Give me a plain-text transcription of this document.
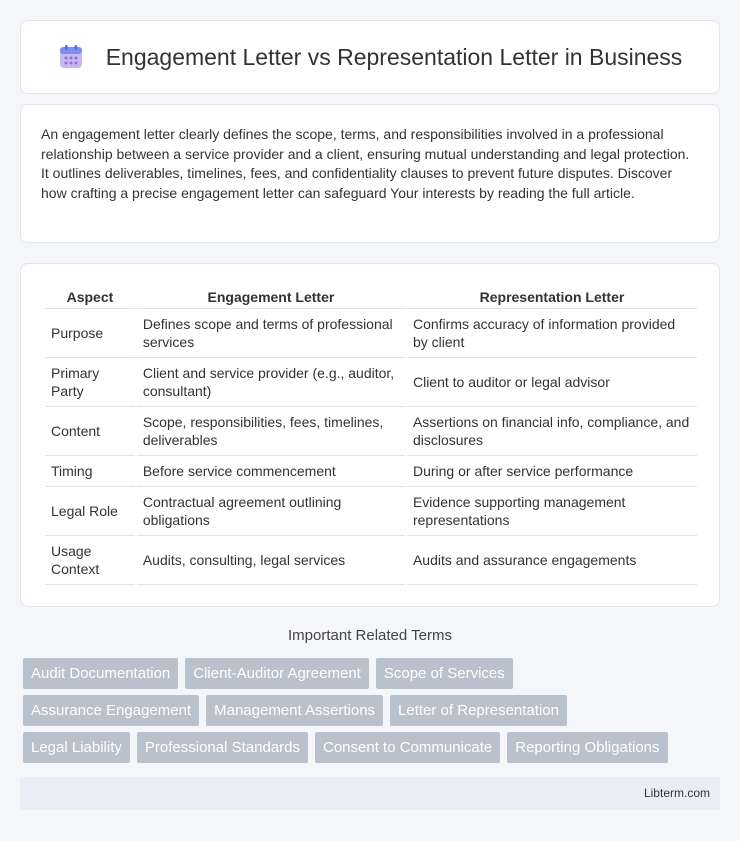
Engagement Letter vs Representation Letter in Business

An engagement letter clearly defines the scope, terms, and responsibilities involved in a professional relationship between a service provider and a client, ensuring mutual understanding and legal protection. It outlines deliverables, timelines, fees, and confidentiality clauses to prevent future disputes. Discover how crafting a precise engagement letter can safeguard Your interests by reading the full article.

Aspect	Engagement Letter	Representation Letter
Purpose	Defines scope and terms of professional services	Confirms accuracy of information provided by client
Primary Party	Client and service provider (e.g., auditor, consultant)	Client to auditor or legal advisor
Content	Scope, responsibilities, fees, timelines, deliverables	Assertions on financial info, compliance, and disclosures
Timing	Before service commencement	During or after service performance
Legal Role	Contractual agreement outlining obligations	Evidence supporting management representations
Usage Context	Audits, consulting, legal services	Audits and assurance engagements
Important Related Terms
Audit Documentation	Client-Auditor Agreement	Scope of Services
Assurance Engagement	Management Assertions	Letter of Representation
Legal Liability	Professional Standards	Consent to Communicate	Reporting Obligations
Libterm.com
